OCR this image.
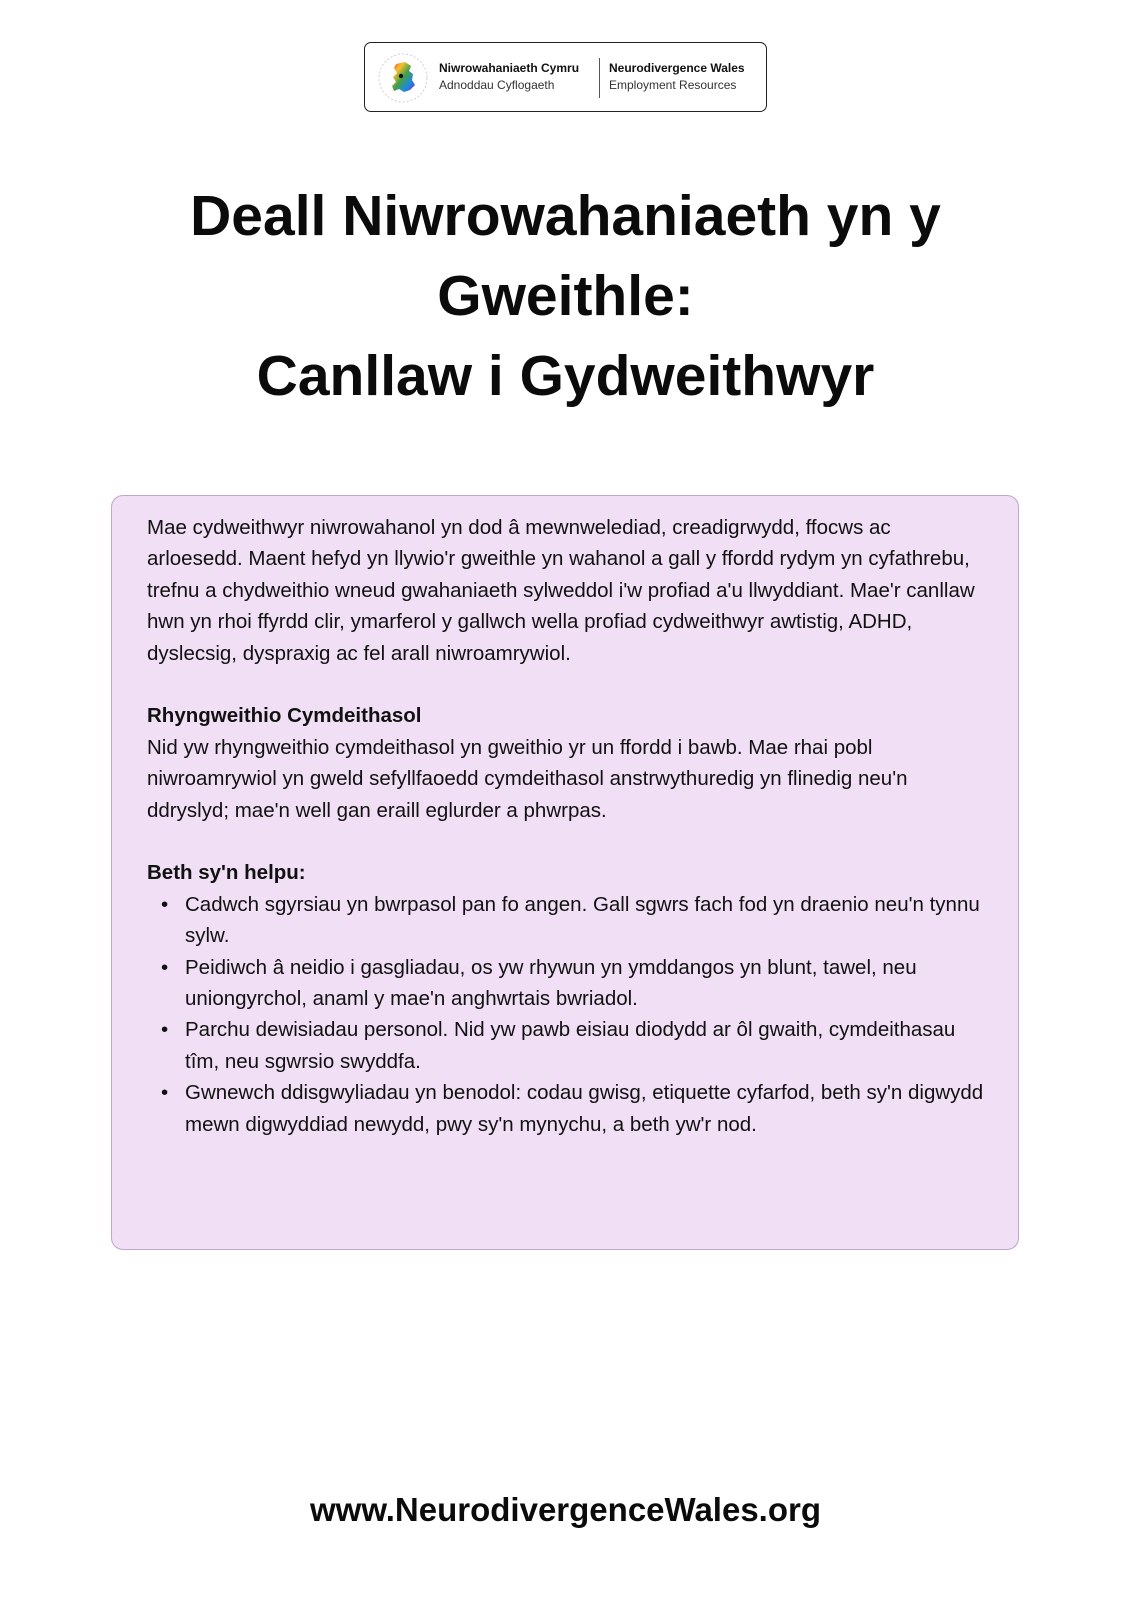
Niwrowahaniaeth Cymru
Adnoddau Cyflogaeth
Neurodivergence Wales
Employment Resources
Deall Niwrowahaniaeth yn y
Gweithle:
Canllaw i Gydweithwyr

Mae cydweithwyr niwrowahanol yn dod â mewnwelediad, creadigrwydd, ffocws ac arloesedd. Maent hefyd yn llywio'r gweithle yn wahanol a gall y ffordd rydym yn cyfathrebu, trefnu a chydweithio wneud gwahaniaeth sylweddol i'w profiad a'u llwyddiant. Mae'r canllaw hwn yn rhoi ffyrdd clir, ymarferol y gallwch wella profiad cydweithwyr awtistig, ADHD, dyslecsig, dyspraxig ac fel arall niwroamrywiol.

Rhyngweithio Cymdeithasol

Nid yw rhyngweithio cymdeithasol yn gweithio yr un ffordd i bawb. Mae rhai pobl niwroamrywiol yn gweld sefyllfaoedd cymdeithasol anstrwythuredig yn flinedig neu'n ddryslyd; mae'n well gan eraill eglurder a phwrpas.

Beth sy'n helpu:

• Cadwch sgyrsiau yn bwrpasol pan fo angen. Gall sgwrs fach fod yn draenio neu'n tynnu sylw.
• Peidiwch â neidio i gasgliadau, os yw rhywun yn ymddangos yn blunt, tawel, neu uniongyrchol, anaml y mae'n anghwrtais bwriadol.
• Parchu dewisiadau personol. Nid yw pawb eisiau diodydd ar ôl gwaith, cymdeithasau tîm, neu sgwrsio swyddfa.
• Gwnewch ddisgwyliadau yn benodol: codau gwisg, etiquette cyfarfod, beth sy'n digwydd mewn digwyddiad newydd, pwy sy'n mynychu, a beth yw'r nod.
www.NeurodivergenceWales.org
